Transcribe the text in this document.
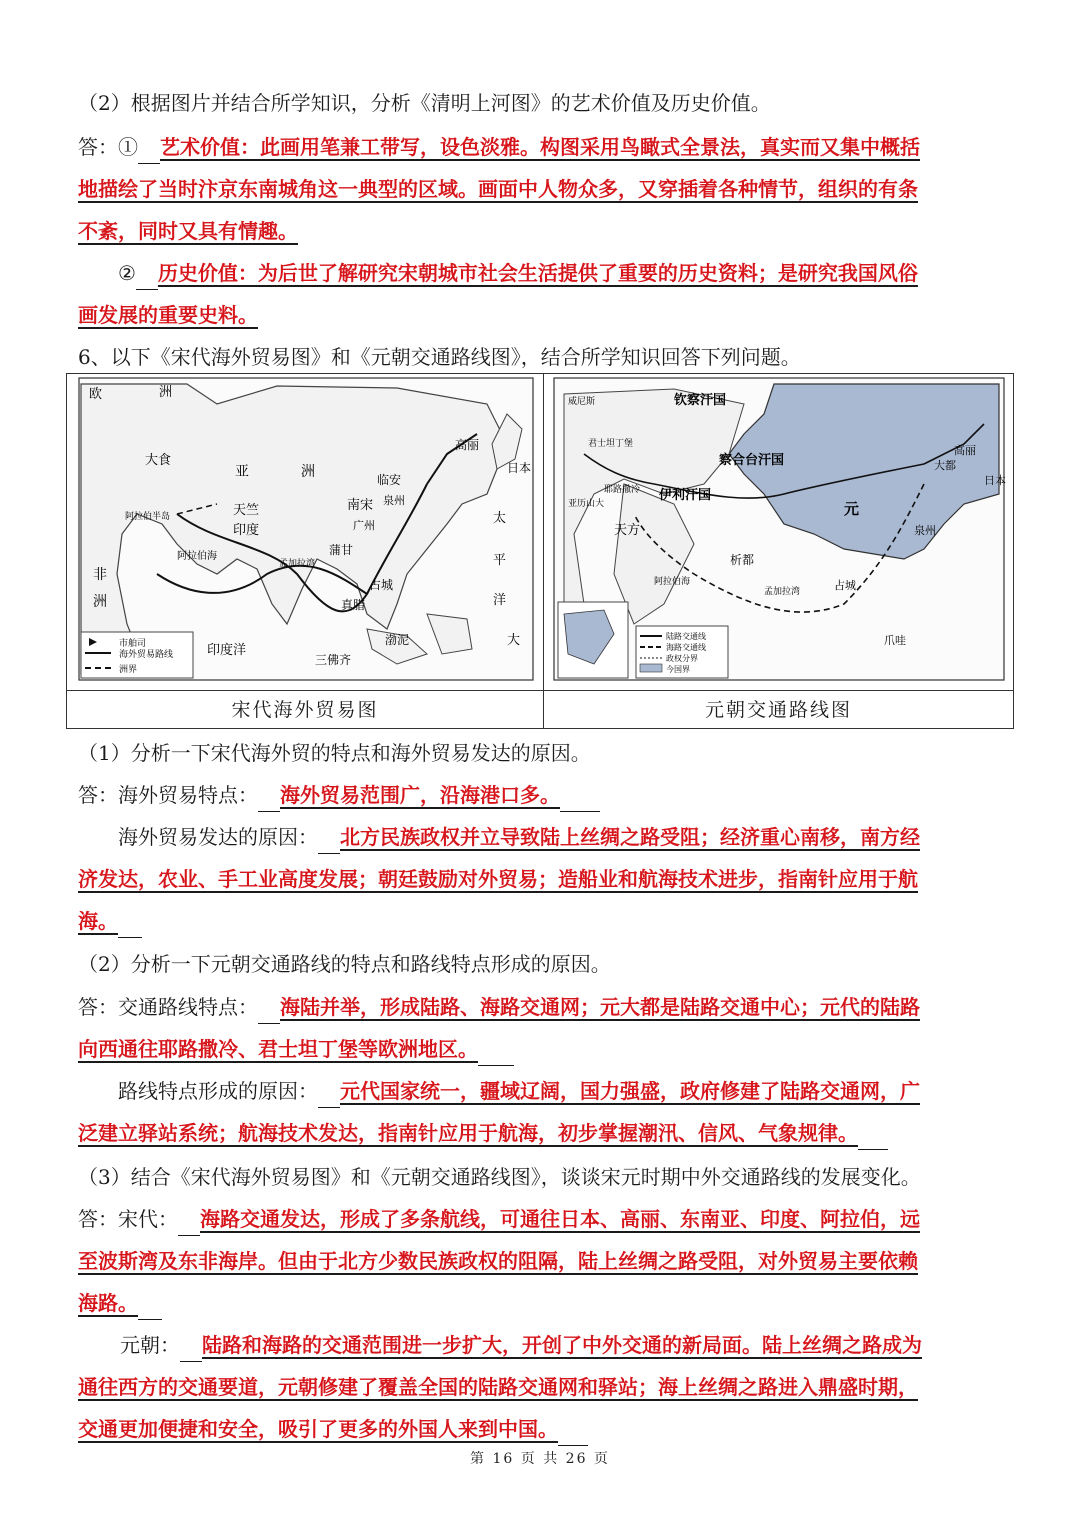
（2）根据图片并结合所学知识，分析《清明上河图》的艺术价值及历史价值。
答：① 艺术价值：此画用笔兼工带写，设色淡雅。构图采用鸟瞰式全景法，真实而又集中概括
地描绘了当时汴京东南城角这一典型的区域。画面中人物众多，又穿插着各种情节，组织的有条
不紊，同时又具有情趣。
② 历史价值：为后世了解研究宋朝城市社会生活提供了重要的历史资料；是研究我国风俗
画发展的重要史料。
6、以下《宋代海外贸易图》和《元朝交通路线图》，结合所学知识回答下列问题。
欧	洲
大食
亚	洲
天竺
印度
阿拉伯半岛
阿拉伯海
孟加拉湾
非
洲
印度洋
三佛齐
渤泥
真腊
占城
蒲甘
南宋
临安
泉州
广州
高丽
日本
太
平
洋
大
市舶司
海外贸易路线
洲界
钦察汗国
察合台汗国
伊利汗国
元
大都
泉州
天方
析都
亚历山大
耶路撒冷
君士坦丁堡
威尼斯
阿拉伯海
孟加拉湾
高丽
日本
爪哇
占城
陆路交通线
海路交通线
政权分界
今国界
宋代海外贸易图	元朝交通路线图
（1）分析一下宋代海外贸的特点和海外贸易发达的原因。
答：海外贸易特点： 海外贸易范围广，沿海港口多。
海外贸易发达的原因： 北方民族政权并立导致陆上丝绸之路受阻；经济重心南移，南方经
济发达，农业、手工业高度发展；朝廷鼓励对外贸易；造船业和航海技术进步，指南针应用于航
海。
（2）分析一下元朝交通路线的特点和路线特点形成的原因。
答：交通路线特点： 海陆并举，形成陆路、海路交通网；元大都是陆路交通中心；元代的陆路
向西通往耶路撒冷、君士坦丁堡等欧洲地区。
路线特点形成的原因： 元代国家统一，疆域辽阔，国力强盛，政府修建了陆路交通网，广
泛建立驿站系统；航海技术发达，指南针应用于航海，初步掌握潮汛、信风、气象规律。
（3）结合《宋代海外贸易图》和《元朝交通路线图》，谈谈宋元时期中外交通路线的发展变化。
答：宋代： 海路交通发达，形成了多条航线，可通往日本、高丽、东南亚、印度、阿拉伯，远
至波斯湾及东非海岸。但由于北方少数民族政权的阻隔，陆上丝绸之路受阻，对外贸易主要依赖
海路。
元朝： 陆路和海路的交通范围进一步扩大，开创了中外交通的新局面。陆上丝绸之路成为
通往西方的交通要道，元朝修建了覆盖全国的陆路交通网和驿站；海上丝绸之路进入鼎盛时期，
交通更加便捷和安全，吸引了更多的外国人来到中国。
第 16 页 共 26 页
